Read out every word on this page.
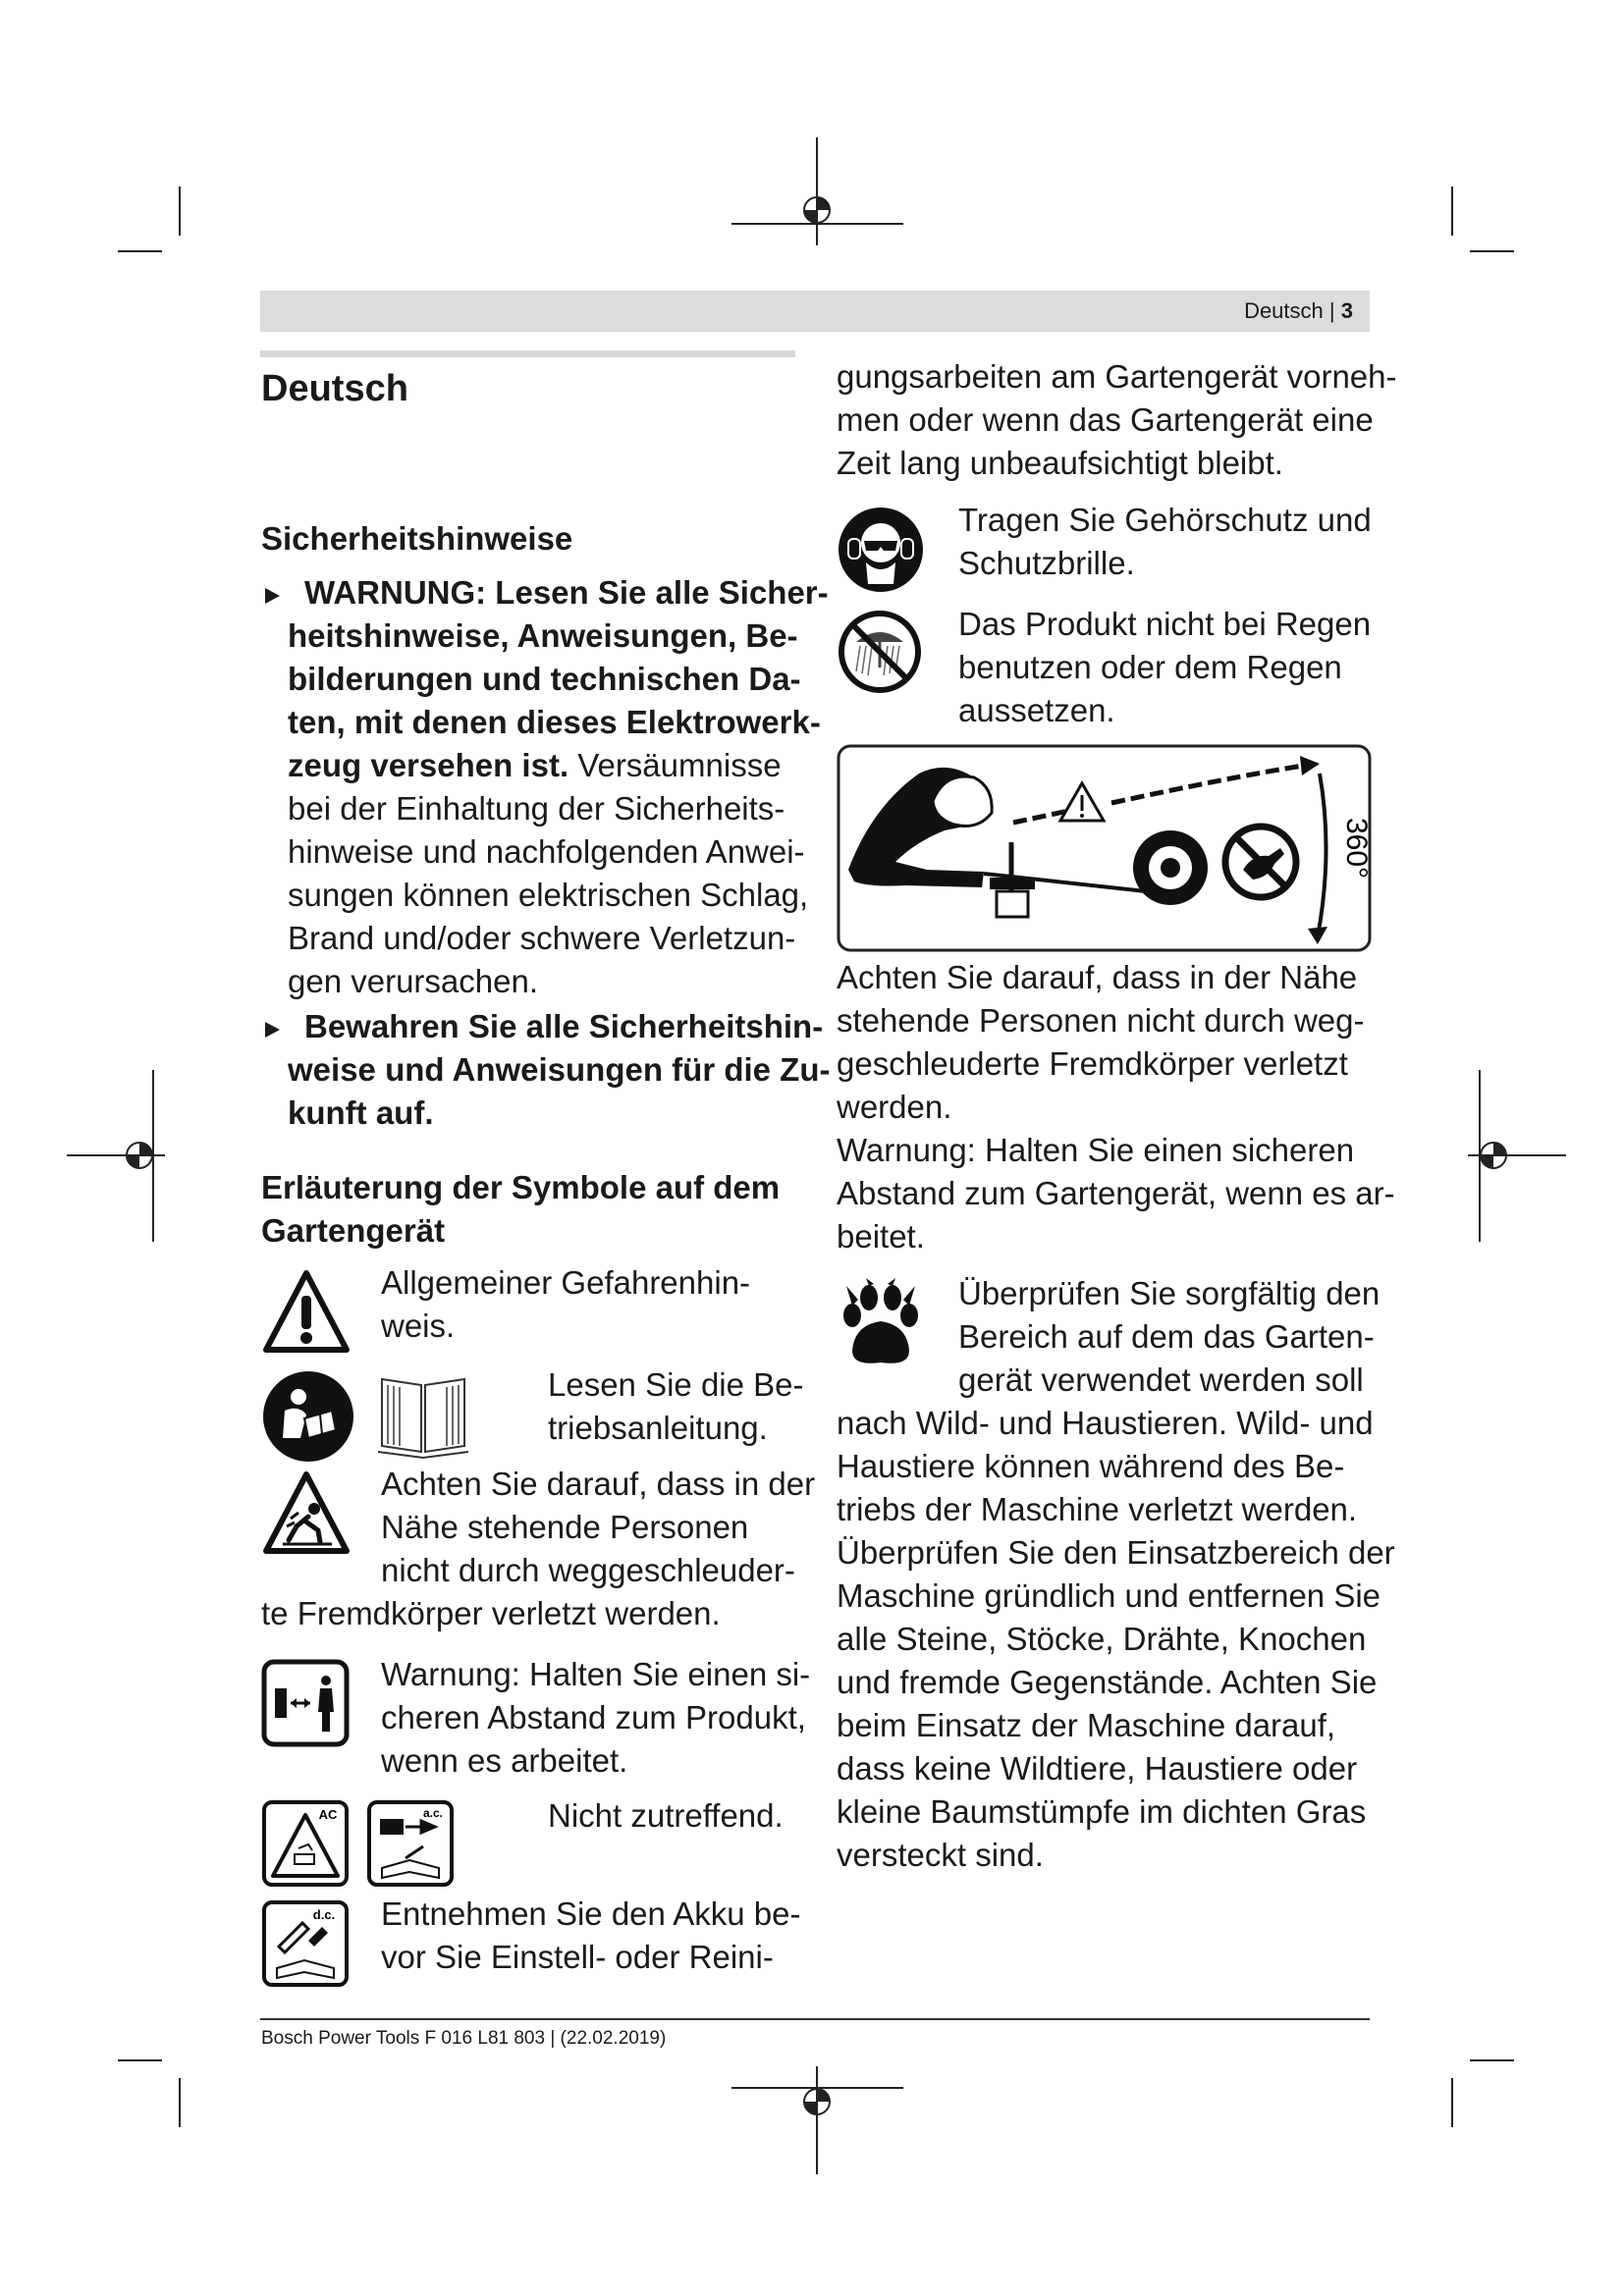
Deutsch | 3
Deutsch
Sicherheitshinweise
WARNUNG: Lesen Sie alle Sicher-
heitshinweise, Anweisungen, Be-
bilderungen und technischen Da-
ten, mit denen dieses Elektrowerk-
zeug versehen ist. Versäumnisse
bei der Einhaltung der Sicherheits-
hinweise und nachfolgenden Anwei-
sungen können elektrischen Schlag,
Brand und/oder schwere Verletzun-
gen verursachen.
Bewahren Sie alle Sicherheitshin-
weise und Anweisungen für die Zu-
kunft auf.
Erläuterung der Symbole auf dem
Gartengerät
Allgemeiner Gefahrenhin-
weis.
Lesen Sie die Be-
triebsanleitung.
Achten Sie darauf, dass in der
Nähe stehende Personen
nicht durch weggeschleuder-
te Fremdkörper verletzt werden.
Warnung: Halten Sie einen si-
cheren Abstand zum Produkt,
wenn es arbeitet.
AC	a.c.	Nicht zutreffend.
d.c. Entnehmen Sie den Akku be-
vor Sie Einstell- oder Reini-
gungsarbeiten am Gartengerät vorneh-
men oder wenn das Gartengerät eine
Zeit lang unbeaufsichtigt bleibt.
Tragen Sie Gehörschutz und
Schutzbrille.
Das Produkt nicht bei Regen
benutzen oder dem Regen
aussetzen.
360°
Achten Sie darauf, dass in der Nähe
stehende Personen nicht durch weg-
geschleuderte Fremdkörper verletzt
werden.
Warnung: Halten Sie einen sicheren
Abstand zum Gartengerät, wenn es ar-
beitet.
Überprüfen Sie sorgfältig den
Bereich auf dem das Garten-
gerät verwendet werden soll
nach Wild- und Haustieren. Wild- und
Haustiere können während des Be-
triebs der Maschine verletzt werden.
Überprüfen Sie den Einsatzbereich der
Maschine gründlich und entfernen Sie
alle Steine, Stöcke, Drähte, Knochen
und fremde Gegenstände. Achten Sie
beim Einsatz der Maschine darauf,
dass keine Wildtiere, Haustiere oder
kleine Baumstümpfe im dichten Gras
versteckt sind.
Bosch Power Tools F 016 L81 803 | (22.02.2019)
